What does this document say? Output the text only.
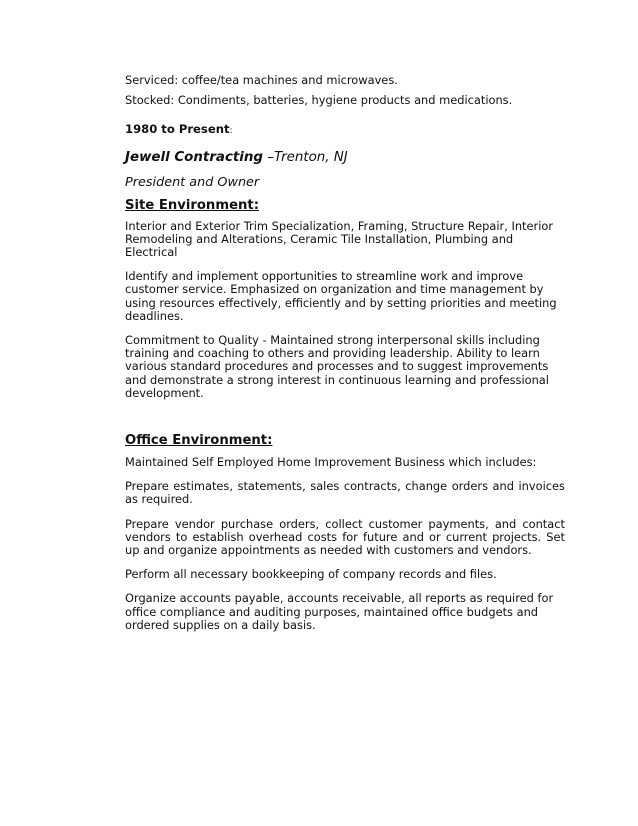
Serviced: coffee/tea machines and microwaves.

Stocked: Condiments, batteries, hygiene products and medications.

1980 to Present:

Jewell Contracting –Trenton, NJ

President and Owner

Site Environment:

Interior and Exterior Trim Specialization, Framing, Structure Repair, Interior Remodeling and Alterations, Ceramic Tile Installation, Plumbing and Electrical

Identify and implement opportunities to streamline work and improve customer service. Emphasized on organization and time management by using resources effectively, efficiently and by setting priorities and meeting deadlines.

Commitment to Quality - Maintained strong interpersonal skills including training and coaching to others and providing leadership. Ability to learn various standard procedures and processes and to suggest improvements and demonstrate a strong interest in continuous learning and professional development.

Office Environment:

Maintained Self Employed Home Improvement Business which includes:

Prepare estimates, statements, sales contracts, change orders and invoices as required.

Prepare vendor purchase orders, collect customer payments, and contact vendors to establish overhead costs for future and or current projects. Set up and organize appointments as needed with customers and vendors.

Perform all necessary bookkeeping of company records and files.

Organize accounts payable, accounts receivable, all reports as required for office compliance and auditing purposes, maintained office budgets and ordered supplies on a daily basis.
